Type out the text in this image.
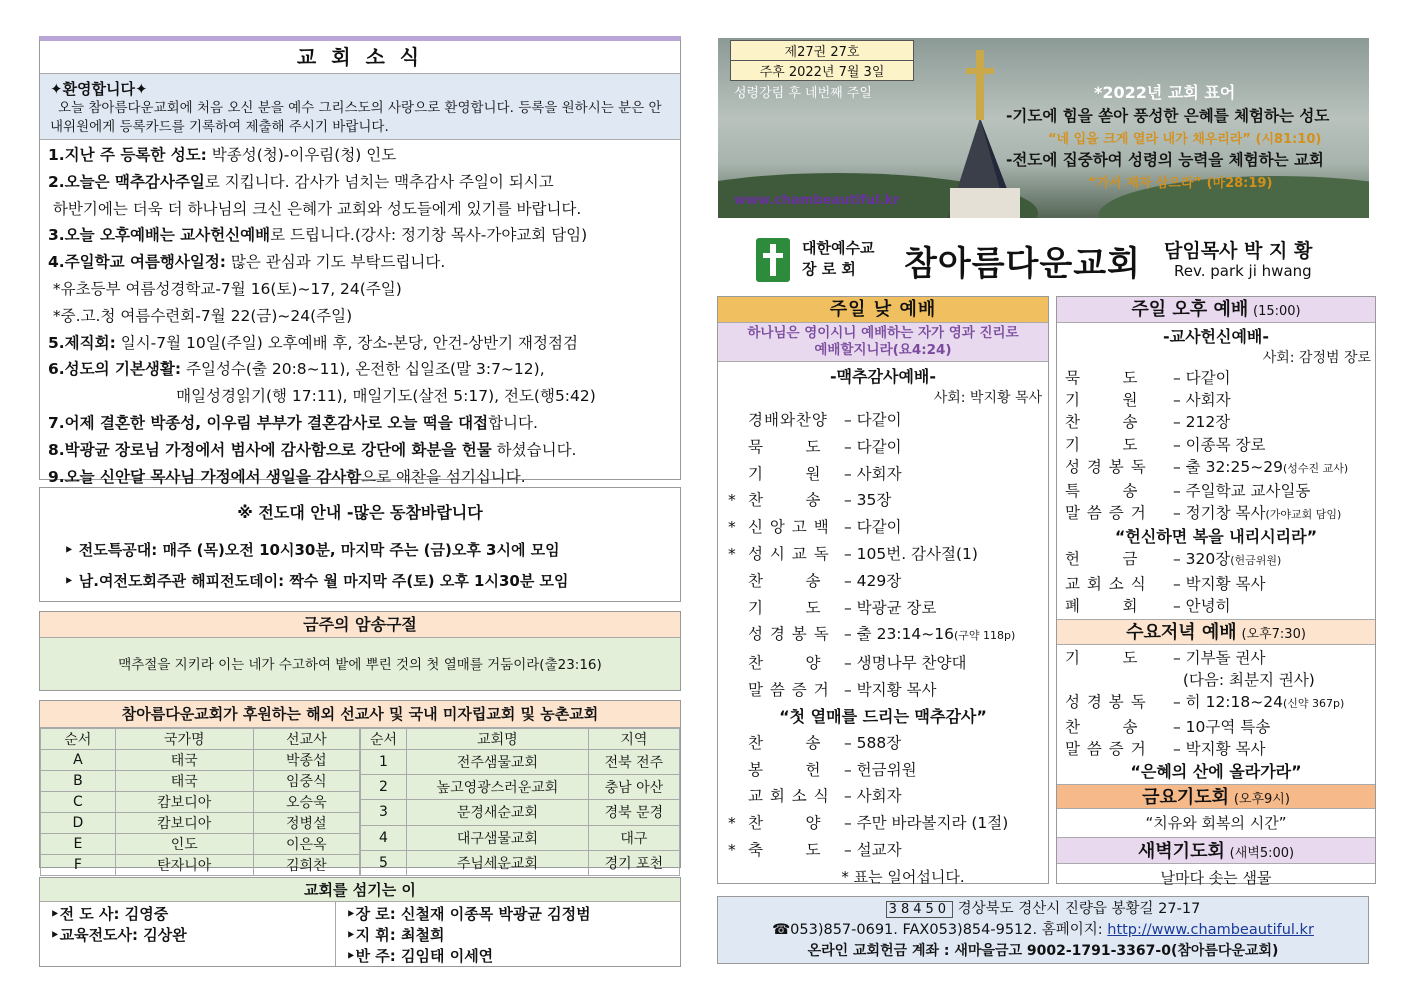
교 회 소 식
✦환영합니다✦
오늘 참아름다운교회에 처음 오신 분을 예수 그리스도의 사랑으로 환영합니다. 등록을 원하시는 분은 안내위원에게 등록카드를 기록하여 제출해 주시기 바랍니다.
1.지난 주 등록한 성도: 박종성(청)-이우림(청) 인도
2.오늘은 맥추감사주일로 지킵니다. 감사가 넘치는 맥추감사 주일이 되시고
하반기에는 더욱 더 하나님의 크신 은혜가 교회와 성도들에게 있기를 바랍니다.
3.오늘 오후예배는 교사헌신예배로 드립니다.(강사: 정기창 목사-가야교회 담임)
4.주일학교 여름행사일정: 많은 관심과 기도 부탁드립니다.
*유초등부 여름성경학교-7월 16(토)~17, 24(주일)
*중.고.청 여름수련회-7월 22(금)~24(주일)
5.제직회: 일시-7월 10일(주일) 오후예배 후, 장소-본당, 안건-상반기 재정점검
6.성도의 기본생활: 주일성수(출 20:8~11), 온전한 십일조(말 3:7~12),
매일성경읽기(행 17:11), 매일기도(살전 5:17), 전도(행5:42)
7.어제 결혼한 박종성, 이우림 부부가 결혼감사로 오늘 떡을 대접합니다.
8.박광균 장로님 가정에서 범사에 감사함으로 강단에 화분을 헌물 하셨습니다.
9.오늘 신안달 목사님 가정에서 생일을 감사함으로 애찬을 섬기십니다.
※ 전도대 안내 -많은 동참바랍니다
‣ 전도특공대: 매주 (목)오전 10시30분, 마지막 주는 (금)오후 3시에 모임
‣ 남.여전도회주관 해피전도데이: 짝수 월 마지막 주(토) 오후 1시30분 모임
금주의 암송구절
맥추절을 지키라 이는 네가 수고하여 밭에 뿌린 것의 첫 열매를 거둠이라(출23:16)
참아름다운교회가 후원하는 해외 선교사 및 국내 미자립교회 및 농촌교회
순서	국가명	선교사
A	태국	박종섭
B	태국	임중식
C	캄보디아	오승욱
D	캄보디아	정병설
E	인도	이은옥
F	탄자니아	김희찬
순서	교회명	지역
1	전주샘물교회	전북 전주
2	높고영광스러운교회	충남 아산
3	문경새순교회	경북 문경
4	대구샘물교회	대구
5	주님세운교회	경기 포천
교회를 섬기는 이
‣전 도 사: 김영중
‣교육전도사: 김상완
‣장 로: 신철재 이종목 박광균 김정범
‣지 휘: 최철희
‣반 주: 김임태 이세연
제27권 27호
주후 2022년 7월 3일
성령강림 후 네번째 주일	*2022년 교회 표어
-기도에 힘을 쏟아 풍성한 은혜를 체험하는 성도
“네 입을 크게 열라 내가 채우리라” (시81:10)
-전도에 집중하여 성령의 능력을 체험하는 교회
“가서 제자 삼으라” (마28:19)
www.chambeautiful.kr
대한예수교
장 로 회	참아름다운교회 담임목사 박 지 황
Rev. park ji hwang
주일 낮 예배
하나님은 영이시니 예배하는 자가 영과 진리로 예배할지니라(요4:24)
-맥추감사예배-
사회: 박지황 목사
경배와찬양 – 다같이
묵       도 – 다같이
기       원 – 사회자
* 찬       송 – 35장
* 신 앙 고 백 – 다같이
* 성 시 교 독 – 105번. 감사절(1)
찬       송 – 429장
기       도 – 박광균 장로
성 경 봉 독 – 출 23:14~16(구약 118p)
찬       양 – 생명나무 찬양대
말 씀 증 거 – 박지황 목사
“첫 열매를 드리는 맥추감사”
찬       송 – 588장
봉       헌 – 헌금위원
교 회 소 식 – 사회자
* 찬       양 – 주만 바라볼지라 (1절)
* 축       도 – 설교자
* 표는 일어섭니다.
주일 오후 예배 (15:00)
-교사헌신예배-
사회: 감정범 장로
묵       도 – 다같이
기       원 – 사회자
찬       송 – 212장
기       도 – 이종목 장로
성 경 봉 독 – 출 32:25~29(성수진 교사)
특       송 – 주일학교 교사일동
말 씀 증 거 – 정기창 목사(가야교회 담임)
“헌신하면 복을 내리시리라”
헌       금 – 320장(헌금위원)
교 회 소 식 – 박지황 목사
폐       회 – 안녕히
수요저녁 예배 (오후7:30)
기       도 – 기부돌 권사
(다음: 최분지 권사)
성 경 봉 독 – 히 12:18~24(신약 367p)
찬       송 – 10구역 특송
말 씀 증 거 – 박지황 목사
“은혜의 산에 올라가라”
금요기도회 (오후9시)
“치유와 회복의 시간”
새벽기도회 (새벽5:00)
날마다 솟는 샘물
38450 경상북도 경산시 진량읍 봉황길 27-17
☎053)857-0691. FAX053)854-9512. 홈페이지: http://www.chambeautiful.kr
온라인 교회헌금 계좌 : 새마을금고 9002-1791-3367-0(참아름다운교회)
